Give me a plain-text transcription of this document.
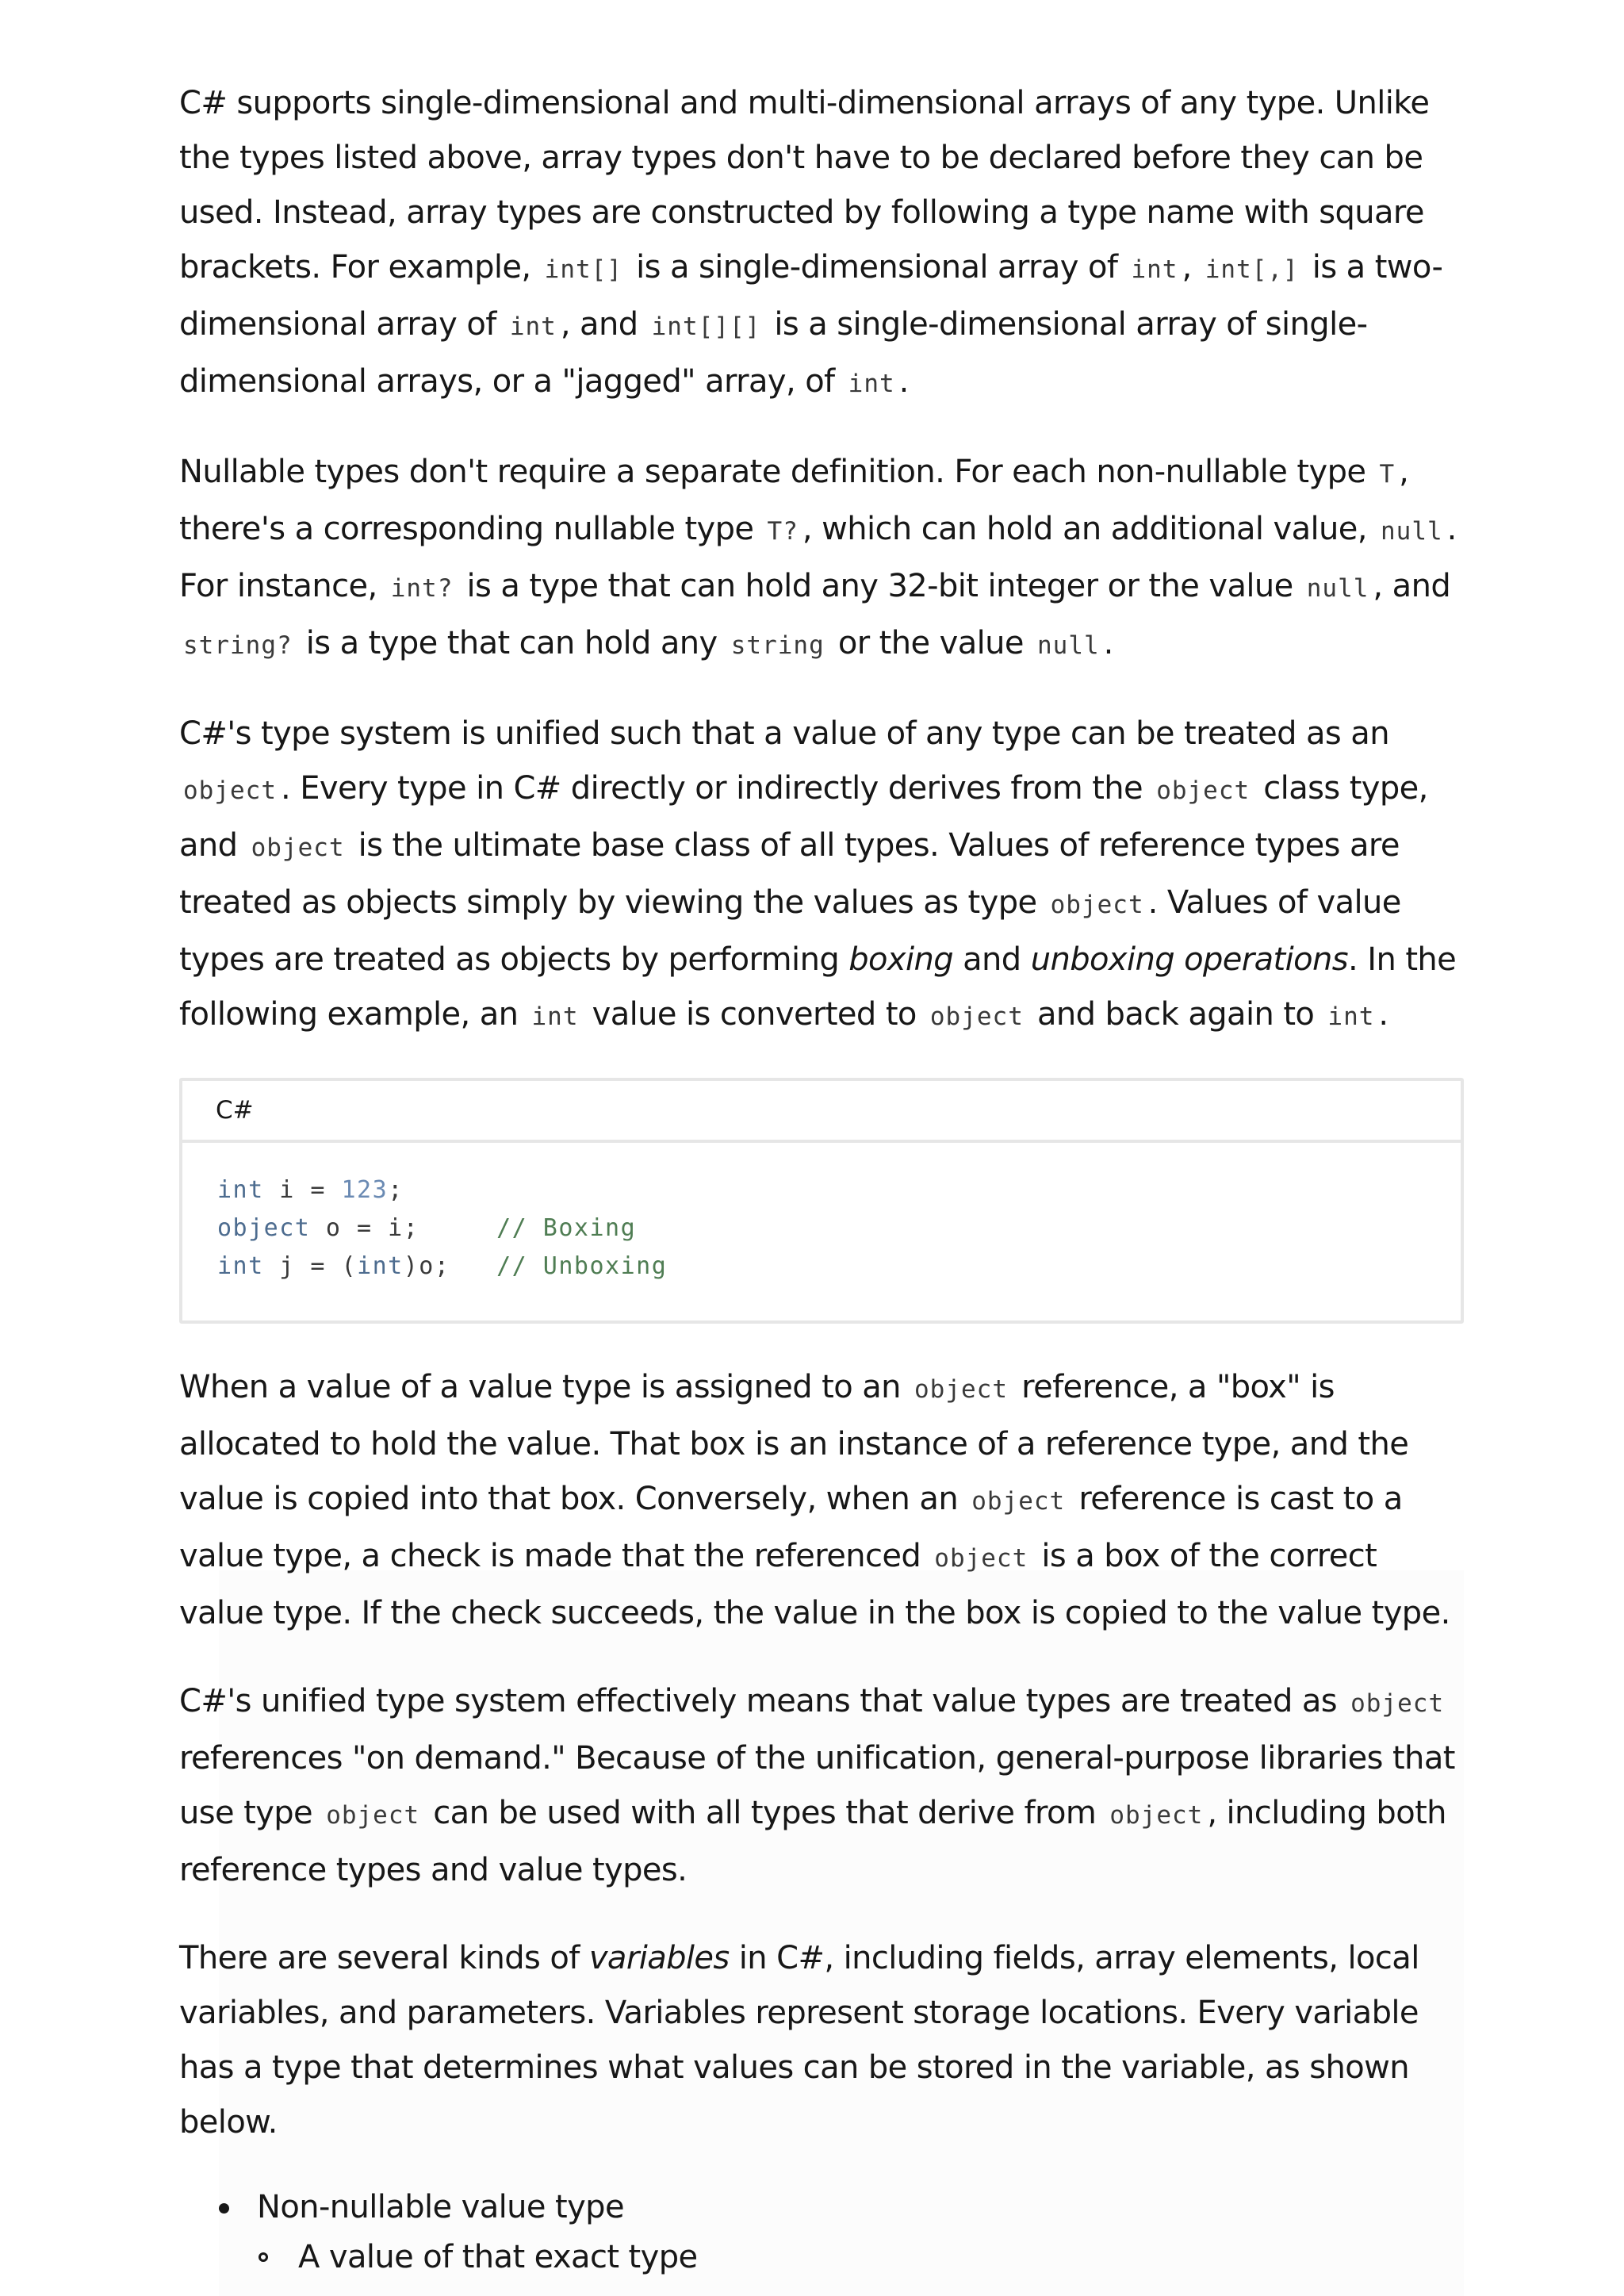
C# supports single-dimensional and multi-dimensional arrays of any type. Unlike the types listed above, array types don't have to be declared before they can be used. Instead, array types are constructed by following a type name with square brackets. For example, int[] is a single-dimensional array of int , int[,] is a two-dimensional array of int , and int[][] is a single-dimensional array of single-dimensional arrays, or a "jagged" array, of int .

Nullable types don't require a separate definition. For each non-nullable type T , there's a corresponding nullable type T? , which can hold an additional value, null . For instance, int? is a type that can hold any 32-bit integer or the value null , and string? is a type that can hold any string or the value null .

C#'s type system is unified such that a value of any type can be treated as an object . Every type in C# directly or indirectly derives from the object class type, and object is the ultimate base class of all types. Values of reference types are treated as objects simply by viewing the values as type object . Values of value types are treated as objects by performing boxing and unboxing operations. In the following example, an int value is converted to object and back again to int .

C#
int i = 123;
object o = i;     // Boxing
int j = (int)o;   // Unboxing

When a value of a value type is assigned to an object reference, a "box" is allocated to hold the value. That box is an instance of a reference type, and the value is copied into that box. Conversely, when an object reference is cast to a value type, a check is made that the referenced object is a box of the correct value type. If the check succeeds, the value in the box is copied to the value type.

C#'s unified type system effectively means that value types are treated as object references "on demand." Because of the unification, general-purpose libraries that use type object can be used with all types that derive from object , including both reference types and value types.

There are several kinds of variables in C#, including fields, array elements, local variables, and parameters. Variables represent storage locations. Every variable has a type that determines what values can be stored in the variable, as shown below.

Non-nullable value type
A value of that exact type
